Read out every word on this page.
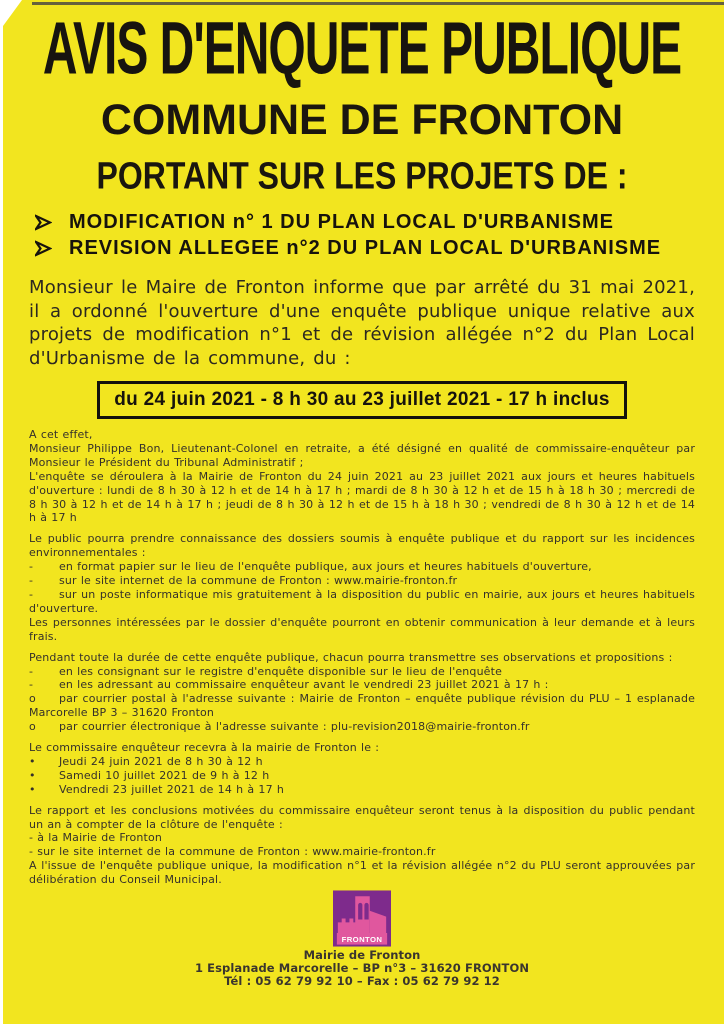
AVIS D'ENQUETE PUBLIQUE
COMMUNE DE FRONTON
PORTANT SUR LES PROJETS DE :
MODIFICATION n° 1 DU PLAN LOCAL D'URBANISME
REVISION ALLEGEE n°2 DU PLAN LOCAL D'URBANISME
Monsieur le Maire de Fronton informe que par arrêté du 31 mai 2021, il a ordonné l'ouverture d'une enquête publique unique relative aux projets de modification n°1 et de révision allégée n°2 du Plan Local d'Urbanisme de la commune, du :
du 24 juin 2021 - 8 h 30 au 23 juillet 2021 - 17 h inclus

A cet effet,

Monsieur Philippe Bon, Lieutenant-Colonel en retraite, a été désigné en qualité de commissaire-enquêteur par Monsieur le Président du Tribunal Administratif ;

L'enquête se déroulera à la Mairie de Fronton du 24 juin 2021 au 23 juillet 2021 aux jours et heures habituels d'ouverture : lundi de 8 h 30 à 12 h et de 14 h à 17 h ; mardi de 8 h 30 à 12 h et de 15 h à 18 h 30 ; mercredi de 8 h 30 à 12 h et de 14 h à 17 h ; jeudi de 8 h 30 à 12 h et de 15 h à 18 h 30 ; vendredi de 8 h 30 à 12 h et de 14 h à 17 h

Le public pourra prendre connaissance des dossiers soumis à enquête publique et du rapport sur les incidences environnementales :

- en format papier sur le lieu de l'enquête publique, aux jours et heures habituels d'ouverture,

- sur le site internet de la commune de Fronton : www.mairie-fronton.fr

- sur un poste informatique mis gratuitement à la disposition du public en mairie, aux jours et heures habituels d'ouverture.

Les personnes intéressées par le dossier d'enquête pourront en obtenir communication à leur demande et à leurs frais.

Pendant toute la durée de cette enquête publique, chacun pourra transmettre ses observations et propositions :

- en les consignant sur le registre d'enquête disponible sur le lieu de l'enquête

- en les adressant au commissaire enquêteur avant le vendredi 23 juillet 2021 à 17 h :

o par courrier postal à l'adresse suivante : Mairie de Fronton – enquête publique révision du PLU – 1 esplanade Marcorelle BP 3 – 31620 Fronton

o par courrier électronique à l'adresse suivante : plu-revision2018@mairie-fronton.fr

Le commissaire enquêteur recevra à la mairie de Fronton le :

• Jeudi 24 juin 2021 de 8 h 30 à 12 h

• Samedi 10 juillet 2021 de 9 h à 12 h

• Vendredi 23 juillet 2021 de 14 h à 17 h

Le rapport et les conclusions motivées du commissaire enquêteur seront tenus à la disposition du public pendant un an à compter de la clôture de l'enquête :

- à la Mairie de Fronton

- sur le site internet de la commune de Fronton : www.mairie-fronton.fr

A l'issue de l'enquête publique unique, la modification n°1 et la révision allégée n°2 du PLU seront approuvées par délibération du Conseil Municipal.

FRONTON
Mairie de Fronton
1 Esplanade Marcorelle – BP n°3 – 31620 FRONTON
Tél : 05 62 79 92 10 – Fax : 05 62 79 92 12
